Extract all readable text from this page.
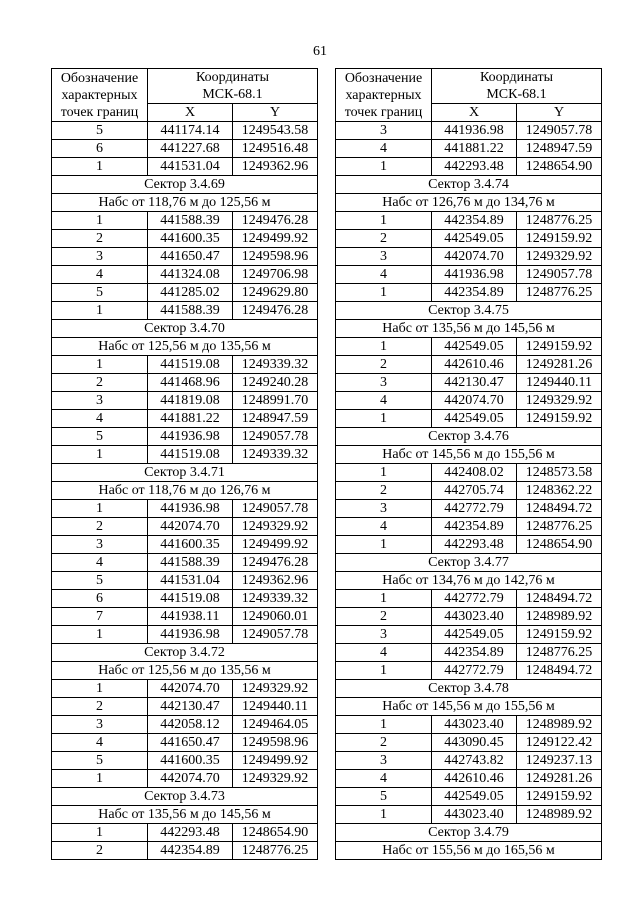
61
Обозначение
характерных
точек границ	Координаты
МСК-68.1	

	X	Y
5	441174.14	1249543.58
6	441227.68	1249516.48
1	441531.04	1249362.96
Сектор 3.4.69		
Набс от 118,76 м до 125,56 м		
1	441588.39	1249476.28
2	441600.35	1249499.92
3	441650.47	1249598.96
4	441324.08	1249706.98
5	441285.02	1249629.80
1	441588.39	1249476.28
Сектор 3.4.70		
Набс от 125,56 м до 135,56 м		
1	441519.08	1249339.32
2	441468.96	1249240.28
3	441819.08	1248991.70
4	441881.22	1248947.59
5	441936.98	1249057.78
1	441519.08	1249339.32
Сектор 3.4.71		
Набс от 118,76 м до 126,76 м		
1	441936.98	1249057.78
2	442074.70	1249329.92
3	441600.35	1249499.92
4	441588.39	1249476.28
5	441531.04	1249362.96
6	441519.08	1249339.32
7	441938.11	1249060.01
1	441936.98	1249057.78
Сектор 3.4.72		
Набс от 125,56 м до 135,56 м		
1	442074.70	1249329.92
2	442130.47	1249440.11
3	442058.12	1249464.05
4	441650.47	1249598.96
5	441600.35	1249499.92
1	442074.70	1249329.92
Сектор 3.4.73		
Набс от 135,56 м до 145,56 м		
1	442293.48	1248654.90
2	442354.89	1248776.25
Обозначение
характерных
точек границ	Координаты
МСК-68.1	

	X	Y
3	441936.98	1249057.78
4	441881.22	1248947.59
1	442293.48	1248654.90
Сектор 3.4.74		
Набс от 126,76 м до 134,76 м		
1	442354.89	1248776.25
2	442549.05	1249159.92
3	442074.70	1249329.92
4	441936.98	1249057.78
1	442354.89	1248776.25
Сектор 3.4.75		
Набс от 135,56 м до 145,56 м		
1	442549.05	1249159.92
2	442610.46	1249281.26
3	442130.47	1249440.11
4	442074.70	1249329.92
1	442549.05	1249159.92
Сектор 3.4.76		
Набс от 145,56 м до 155,56 м		
1	442408.02	1248573.58
2	442705.74	1248362.22
3	442772.79	1248494.72
4	442354.89	1248776.25
1	442293.48	1248654.90
Сектор 3.4.77		
Набс от 134,76 м до 142,76 м		
1	442772.79	1248494.72
2	443023.40	1248989.92
3	442549.05	1249159.92
4	442354.89	1248776.25
1	442772.79	1248494.72
Сектор 3.4.78		
Набс от 145,56 м до 155,56 м		
1	443023.40	1248989.92
2	443090.45	1249122.42
3	442743.82	1249237.13
4	442610.46	1249281.26
5	442549.05	1249159.92
1	443023.40	1248989.92
Сектор 3.4.79		
Набс от 155,56 м до 165,56 м		
